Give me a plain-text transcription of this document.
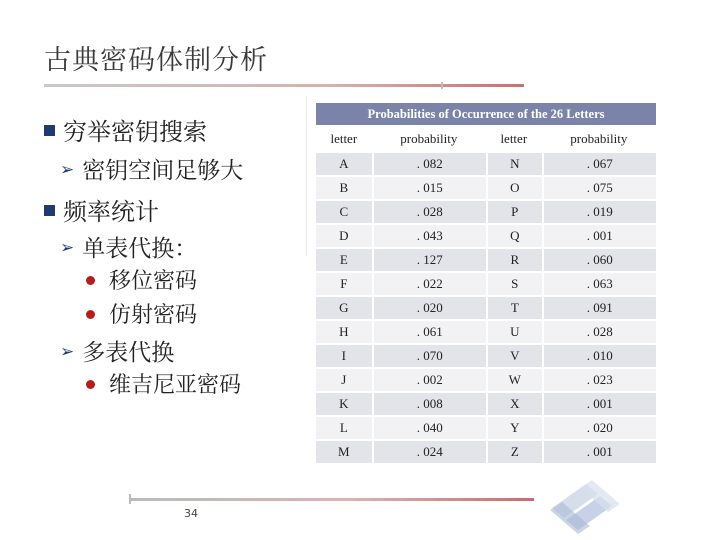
古典密码体制分析
穷举密钥搜索
➢ 密钥空间足够大
频率统计
➢ 单表代换：
移位密码
仿射密码
➢ 多表代换
维吉尼亚密码
Probabilities of Occurrence of the 26 Letters
letter	probability	letter	probability
A	. 082	N	. 067
B	. 015	O	. 075
C	. 028	P	. 019
D	. 043	Q	. 001
E	. 127	R	. 060
F	. 022	S	. 063
G	. 020	T	. 091
H	. 061	U	. 028
I	. 070	V	. 010
J	. 002	W	. 023
K	. 008	X	. 001
L	. 040	Y	. 020
M	. 024	Z	. 001
34
